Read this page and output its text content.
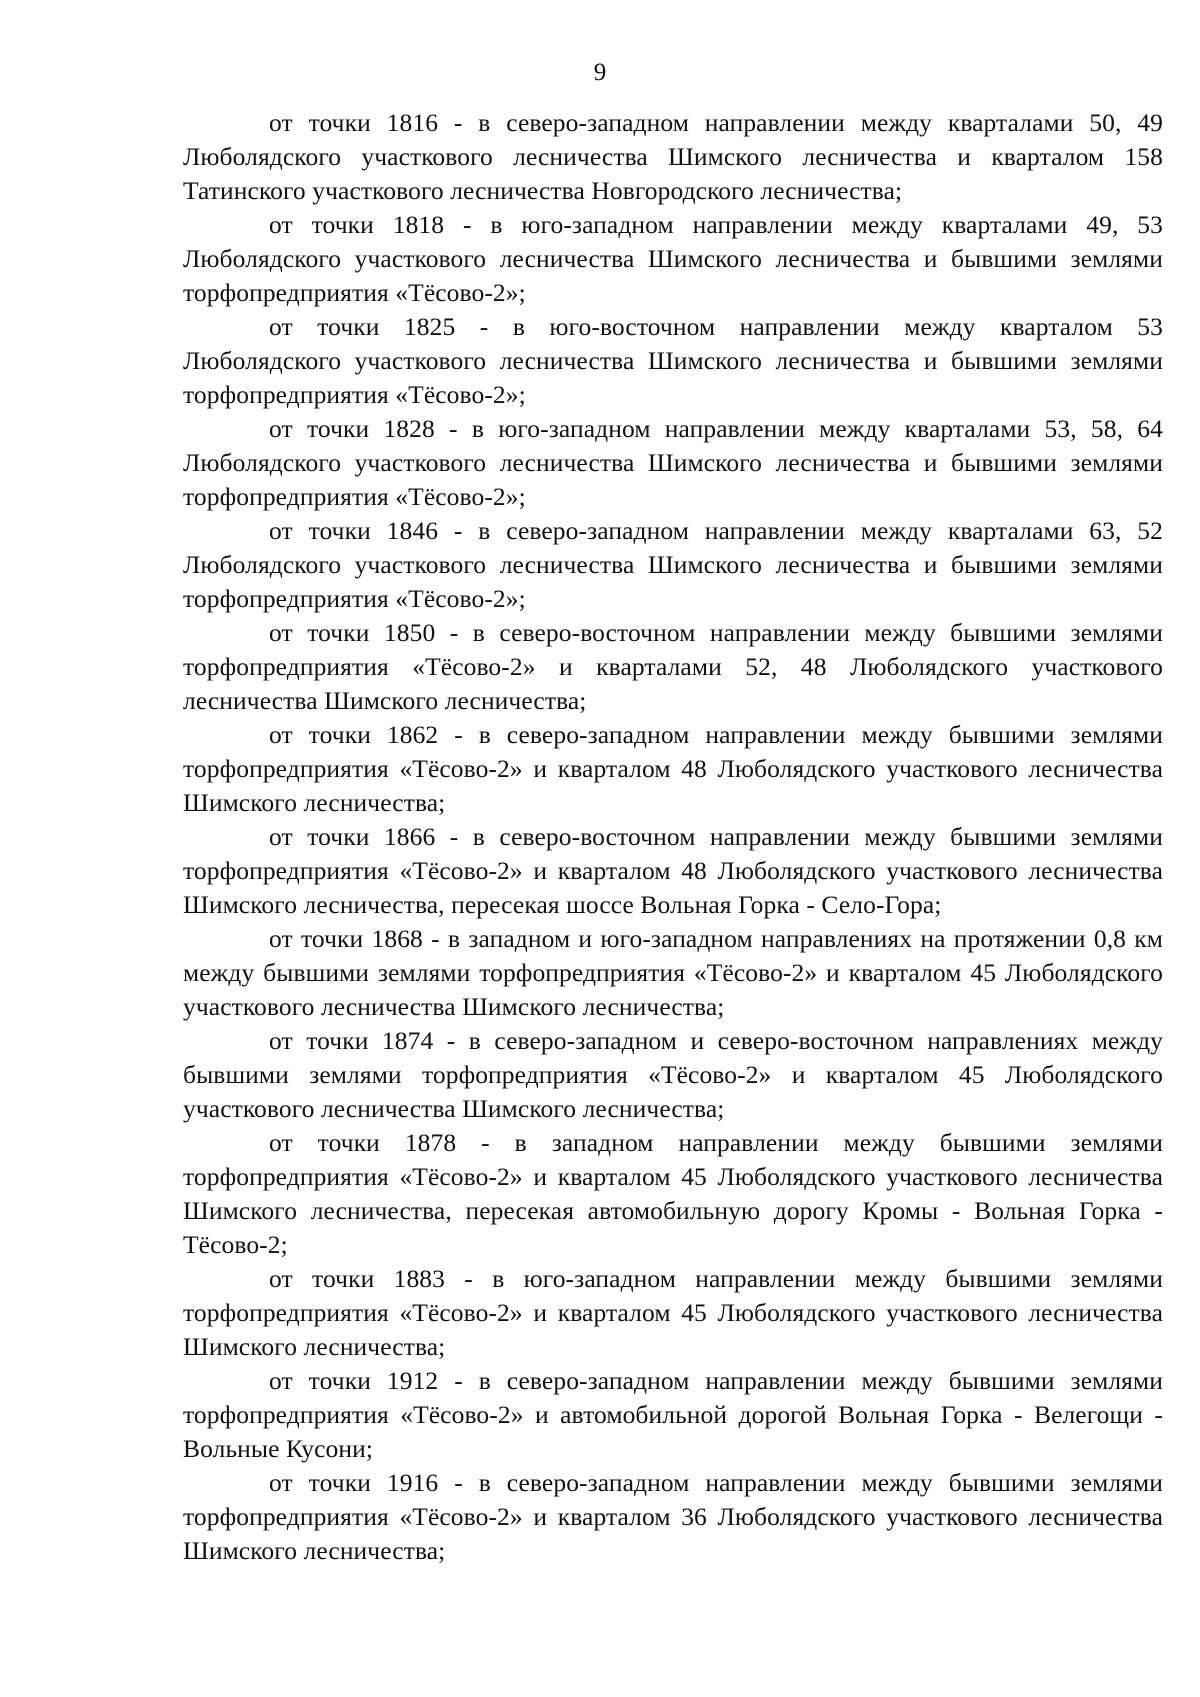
9

от точки 1816 - в северо-западном направлении между кварталами 50, 49 Люболядского участкового лесничества Шимского лесничества и кварталом 158 Татинского участкового лесничества Новгородского лесничества;

от точки 1818 - в юго-западном направлении между кварталами 49, 53 Люболядского участкового лесничества Шимского лесничества и бывшими землями торфопредприятия «Тёсово-2»;

от точки 1825 - в юго-восточном направлении между кварталом 53 Люболядского участкового лесничества Шимского лесничества и бывшими землями торфопредприятия «Тёсово-2»;

от точки 1828 - в юго-западном направлении между кварталами 53, 58, 64 Люболядского участкового лесничества Шимского лесничества и бывшими землями торфопредприятия «Тёсово-2»;

от точки 1846 - в северо-западном направлении между кварталами 63, 52 Люболядского участкового лесничества Шимского лесничества и бывшими землями торфопредприятия «Тёсово-2»;

от точки 1850 - в северо-восточном направлении между бывшими землями торфопредприятия «Тёсово-2» и кварталами 52, 48 Люболядского участкового лесничества Шимского лесничества;

от точки 1862 - в северо-западном направлении между бывшими землями торфопредприятия «Тёсово-2» и кварталом 48 Люболядского участкового лесничества Шимского лесничества;

от точки 1866 - в северо-восточном направлении между бывшими землями торфопредприятия «Тёсово-2» и кварталом 48 Люболядского участкового лесничества Шимского лесничества, пересекая шоссе Вольная Горка - Село-Гора;

от точки 1868 - в западном и юго-западном направлениях на протяжении 0,8 км между бывшими землями торфопредприятия «Тёсово-2» и кварталом 45 Люболядского участкового лесничества Шимского лесничества;

от точки 1874 - в северо-западном и северо-восточном направлениях между бывшими землями торфопредприятия «Тёсово-2» и кварталом 45 Люболядского участкового лесничества Шимского лесничества;

от точки 1878 - в западном направлении между бывшими землями торфопредприятия «Тёсово-2» и кварталом 45 Люболядского участкового лесничества Шимского лесничества, пересекая автомобильную дорогу Кромы - Вольная Горка - Тёсово-2;

от точки 1883 - в юго-западном направлении между бывшими землями торфопредприятия «Тёсово-2» и кварталом 45 Люболядского участкового лесничества Шимского лесничества;

от точки 1912 - в северо-западном направлении между бывшими землями торфопредприятия «Тёсово-2» и автомобильной дорогой Вольная Горка - Велегощи - Вольные Кусони;

от точки 1916 - в северо-западном направлении между бывшими землями торфопредприятия «Тёсово-2» и кварталом 36 Люболядского участкового лесничества Шимского лесничества;
